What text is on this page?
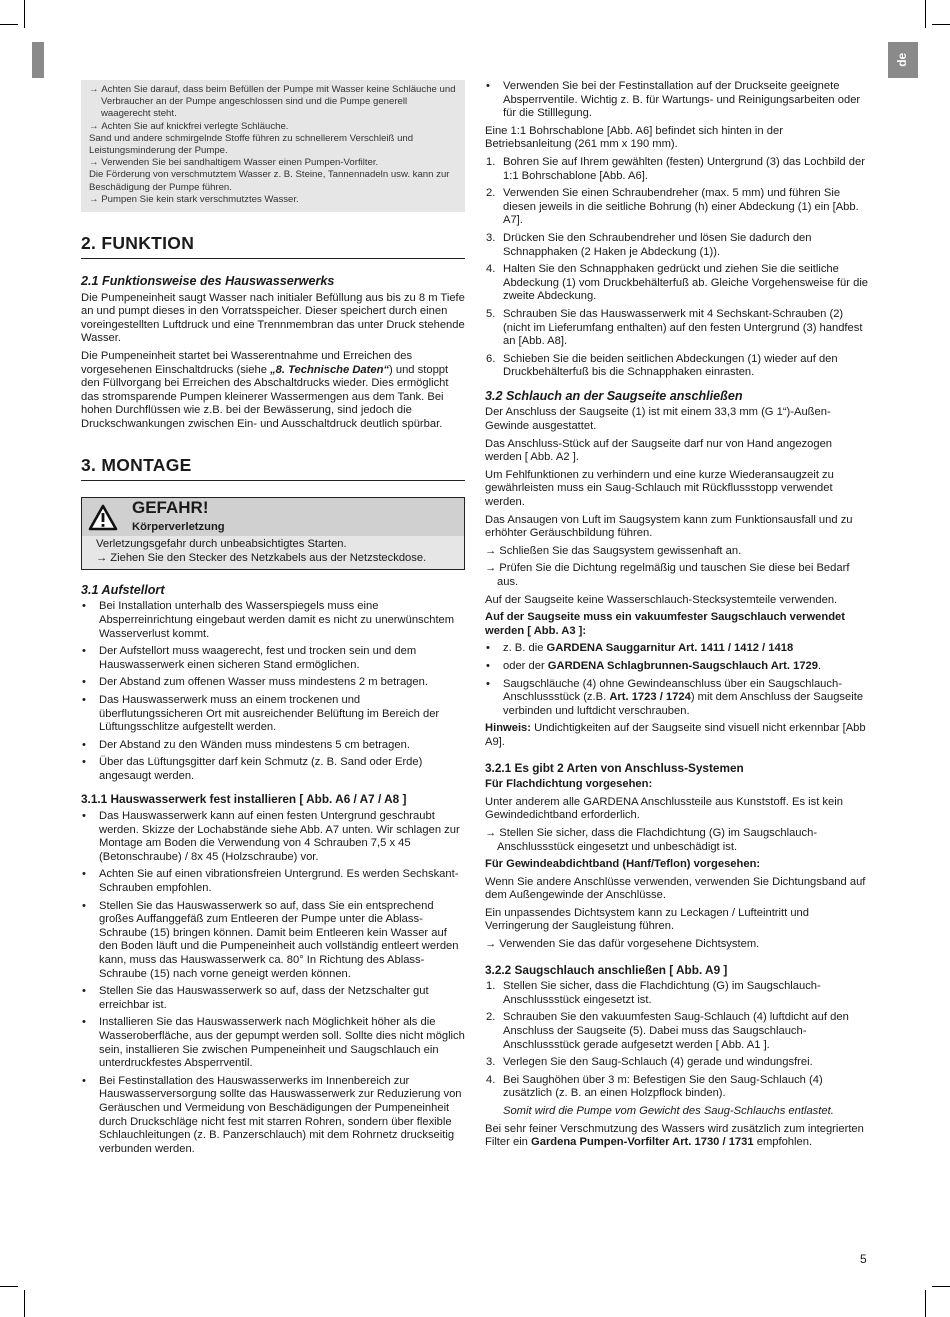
de
→ Achten Sie darauf, dass beim Befüllen der Pumpe mit Wasser keine Schläuche und Verbraucher an der Pumpe angeschlossen sind und die Pumpe generell waagerecht steht.
→ Achten Sie auf knickfrei verlegte Schläuche.
Sand und andere schmirgelnde Stoffe führen zu schnellerem Verschleiß und Leistungsminderung der Pumpe.
→ Verwenden Sie bei sandhaltigem Wasser einen Pumpen-Vorfilter.
Die Förderung von verschmutztem Wasser z. B. Steine, Tannennadeln usw. kann zur Beschädigung der Pumpe führen.
→ Pumpen Sie kein stark verschmutztes Wasser.
2. FUNKTION
2.1 Funktionsweise des Hauswasserwerks

Die Pumpeneinheit saugt Wasser nach initialer Befüllung aus bis zu 8 m Tiefe an und pumpt dieses in den Vorratsspeicher. Dieser speichert durch einen voreingestellten Luftdruck und eine Trennmembran das unter Druck stehende Wasser.

Die Pumpeneinheit startet bei Wasserentnahme und Erreichen des vorgesehenen Einschaltdrucks (siehe „8. Technische Daten“) und stoppt den Füllvorgang bei Erreichen des Abschaltdrucks wieder. Dies ermöglicht das stromsparende Pumpen kleinerer Wassermengen aus dem Tank. Bei hohen Durchflüssen wie z.B. bei der Bewässerung, sind jedoch die Druckschwankungen zwischen Ein- und Ausschaltdruck deutlich spürbar.

3. MONTAGE
GEFAHR!
Körperverletzung

Verletzungsgefahr durch unbeabsichtigtes Starten.

→ Ziehen Sie den Stecker des Netzkabels aus der Netzsteckdose.

3.1 Aufstellort
• Bei Installation unterhalb des Wasserspiegels muss eine Absperreinrichtung eingebaut werden damit es nicht zu unerwünschtem Wasserverlust kommt.
• Der Aufstellort muss waagerecht, fest und trocken sein und dem Hauswasserwerk einen sicheren Stand ermöglichen.
• Der Abstand zum offenen Wasser muss mindestens 2 m betragen.
• Das Hauswasserwerk muss an einem trockenen und überflutungssicheren Ort mit ausreichender Belüftung im Bereich der Lüftungsschlitze aufgestellt werden.
• Der Abstand zu den Wänden muss mindestens 5 cm betragen.
• Über das Lüftungsgitter darf kein Schmutz (z. B. Sand oder Erde) angesaugt werden.
3.1.1 Hauswasserwerk fest installieren [ Abb. A6 / A7 / A8 ]
• Das Hauswasserwerk kann auf einen festen Untergrund geschraubt werden. Skizze der Lochabstände siehe Abb. A7 unten. Wir schlagen zur Montage am Boden die Verwendung von 4 Schrauben 7,5 x 45 (Betonschraube) / 8x 45 (Holzschraube) vor.
• Achten Sie auf einen vibrationsfreien Untergrund. Es werden Sechskant-Schrauben empfohlen.
• Stellen Sie das Hauswasserwerk so auf, dass Sie ein entsprechend großes Auffanggefäß zum Entleeren der Pumpe unter die Ablass-Schraube (15) bringen können. Damit beim Entleeren kein Wasser auf den Boden läuft und die Pumpeneinheit auch vollständig entleert werden kann, muss das Hauswasserwerk ca. 80° In Richtung des Ablass-Schraube (15) nach vorne geneigt werden können.
• Stellen Sie das Hauswasserwerk so auf, dass der Netzschalter gut erreichbar ist.
• Installieren Sie das Hauswasserwerk nach Möglichkeit höher als die Wasseroberfläche, aus der gepumpt werden soll. Sollte dies nicht möglich sein, installieren Sie zwischen Pumpeneinheit und Saugschlauch ein unterdruckfestes Absperrventil.
• Bei Festinstallation des Hauswasserwerks im Innenbereich zur Hauswasserversorgung sollte das Hauswasserwerk zur Reduzierung von Geräuschen und Vermeidung von Beschädigungen der Pumpeneinheit durch Druckschläge nicht fest mit starren Rohren, sondern über flexible Schlauchleitungen (z. B. Panzerschlauch) mit dem Rohrnetz druckseitig verbunden werden.
• Verwenden Sie bei der Festinstallation auf der Druckseite geeignete Absperrventile. Wichtig z. B. für Wartungs- und Reinigungsarbeiten oder für die Stilllegung.

Eine 1:1 Bohrschablone [Abb. A6] befindet sich hinten in der Betriebsanleitung (261 mm x 190 mm).

1. Bohren Sie auf Ihrem gewählten (festen) Untergrund (3) das Lochbild der 1:1 Bohrschablone [Abb. A6].
2. Verwenden Sie einen Schraubendreher (max. 5 mm) und führen Sie diesen jeweils in die seitliche Bohrung (h) einer Abdeckung (1) ein [Abb. A7].
3. Drücken Sie den Schraubendreher und lösen Sie dadurch den Schnapphaken (2 Haken je Abdeckung (1)).
4. Halten Sie den Schnapphaken gedrückt und ziehen Sie die seitliche Abdeckung (1) vom Druckbehälterfuß ab. Gleiche Vorgehensweise für die zweite Abdeckung.
5. Schrauben Sie das Hauswasserwerk mit 4 Sechskant-Schrauben (2) (nicht im Lieferumfang enthalten) auf den festen Untergrund (3) handfest an [Abb. A8].
6. Schieben Sie die beiden seitlichen Abdeckungen (1) wieder auf den Druckbehälterfuß bis die Schnapphaken einrasten.
3.2 Schlauch an der Saugseite anschließen

Der Anschluss der Saugseite (1) ist mit einem 33,3 mm (G 1“)-Außen-Gewinde ausgestattet.

Das Anschluss-Stück auf der Saugseite darf nur von Hand angezogen werden [ Abb. A2 ].

Um Fehlfunktionen zu verhindern und eine kurze Wiederansaugzeit zu gewährleisten muss ein Saug-Schlauch mit Rückflussstopp verwendet werden.

Das Ansaugen von Luft im Saugsystem kann zum Funktionsausfall und zu erhöhter Geräuschbildung führen.

→ Schließen Sie das Saugsystem gewissenhaft an.

→ Prüfen Sie die Dichtung regelmäßig und tauschen Sie diese bei Bedarf aus.

Auf der Saugseite keine Wasserschlauch-Stecksystemteile verwenden.

Auf der Saugseite muss ein vakuumfester Saugschlauch verwendet werden [ Abb. A3 ]:

• z. B. die GARDENA Sauggarnitur Art. 1411 / 1412 / 1418
• oder der GARDENA Schlagbrunnen-Saugschlauch Art. 1729.
• Saugschläuche (4) ohne Gewindeanschluss über ein Saugschlauch-Anschlussstück (z.B. Art. 1723 / 1724) mit dem Anschluss der Saugseite verbinden und luftdicht verschrauben.

Hinweis: Undichtigkeiten auf der Saugseite sind visuell nicht erkennbar [Abb A9].

3.2.1 Es gibt 2 Arten von Anschluss-Systemen

Für Flachdichtung vorgesehen:

Unter anderem alle GARDENA Anschlussteile aus Kunststoff. Es ist kein Gewindedichtband erforderlich.

→ Stellen Sie sicher, dass die Flachdichtung (G) im Saugschlauch-Anschlussstück eingesetzt und unbeschädigt ist.

Für Gewindeabdichtband (Hanf/Teflon) vorgesehen:

Wenn Sie andere Anschlüsse verwenden, verwenden Sie Dichtungsband auf dem Außengewinde der Anschlüsse.

Ein unpassendes Dichtsystem kann zu Leckagen / Lufteintritt und Verringerung der Saugleistung führen.

→ Verwenden Sie das dafür vorgesehene Dichtsystem.

3.2.2 Saugschlauch anschließen [ Abb. A9 ]
1. Stellen Sie sicher, dass die Flachdichtung (G) im Saugschlauch-Anschlussstück eingesetzt ist.
2. Schrauben Sie den vakuumfesten Saug-Schlauch (4) luftdicht auf den Anschluss der Saugseite (5). Dabei muss das Saugschlauch-Anschlussstück gerade aufgesetzt werden [ Abb. A1 ].
3. Verlegen Sie den Saug-Schlauch (4) gerade und windungsfrei.
4. Bei Saughöhen über 3 m: Befestigen Sie den Saug-Schlauch (4) zusätzlich (z. B. an einen Holzpflock binden).

Somit wird die Pumpe vom Gewicht des Saug-Schlauchs entlastet.

Bei sehr feiner Verschmutzung des Wassers wird zusätzlich zum integrierten Filter ein Gardena Pumpen-Vorfilter Art. 1730 / 1731 empfohlen.

5
